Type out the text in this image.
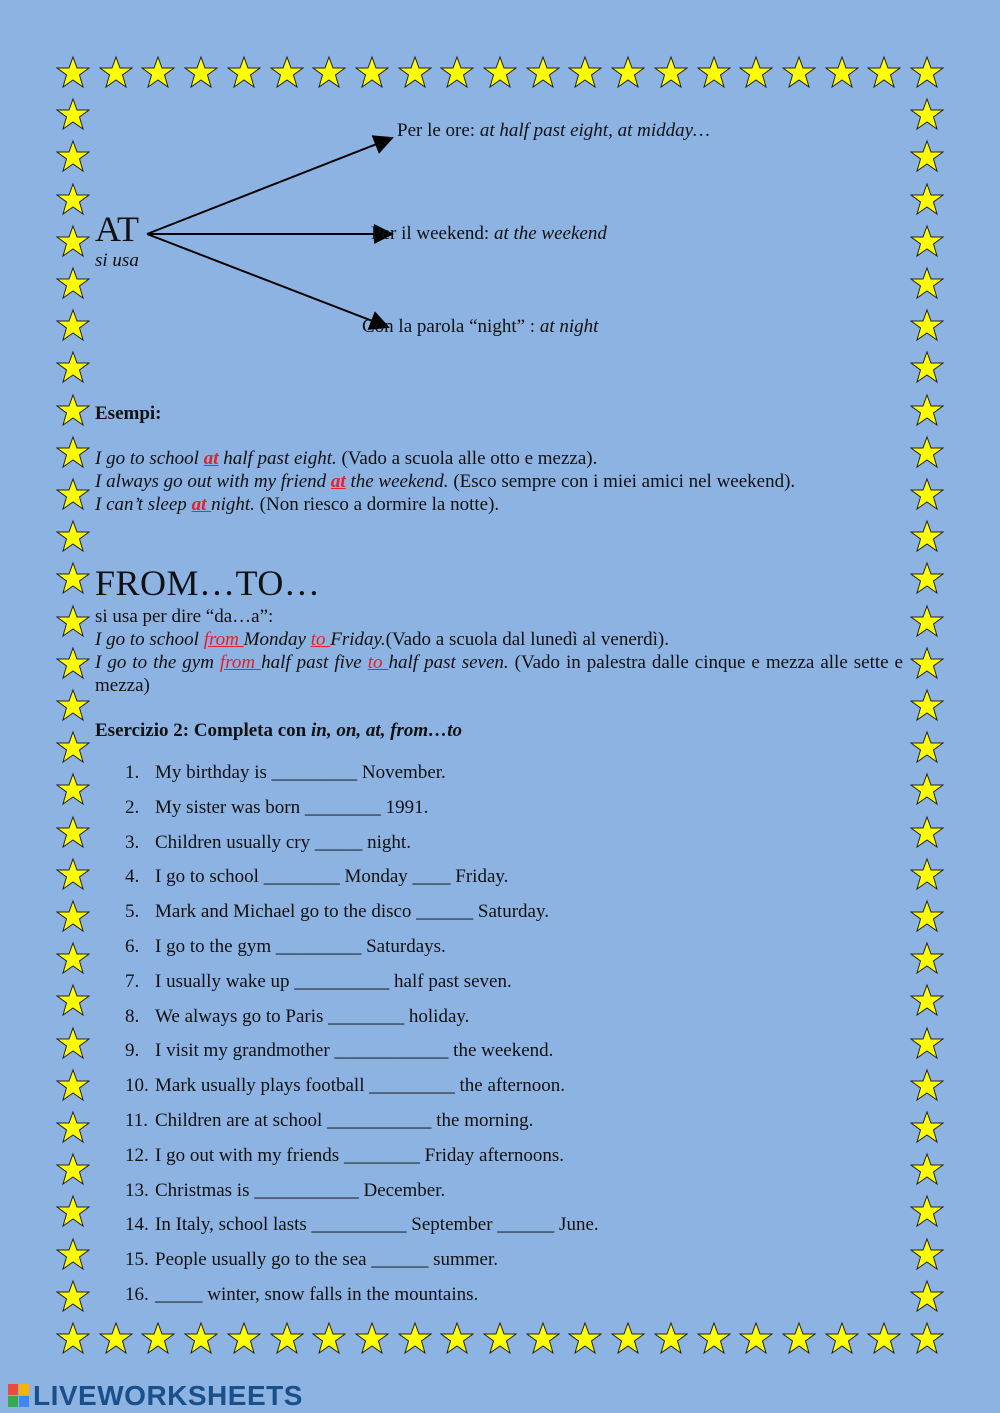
AT
si usa
Per le ore: at half past eight, at midday…
Per il weekend: at the weekend
Con la parola “night” : at night
Esempi:
I go to school at half past eight. (Vado a scuola alle otto e mezza).
I always go out with my friend at the weekend. (Esco sempre con i miei amici nel weekend).
I can’t sleep at night. (Non riesco a dormire la notte).
FROM…TO…
si usa per dire “da…a”:
I go to school from Monday to Friday.(Vado a scuola dal lunedì al venerdì).
I go to the gym from half past five to half past seven. (Vado in palestra dalle cinque e mezza alle sette e mezza)
Esercizio 2: Completa con in, on, at, from…to
1. My birthday is _________ November.
2. My sister was born ________ 1991.
3. Children usually cry _____ night.
4. I go to school ________ Monday ____ Friday.
5. Mark and Michael go to the disco ______ Saturday.
6. I go to the gym _________ Saturdays.
7. I usually wake up __________ half past seven.
8. We always go to Paris ________ holiday.
9. I visit my grandmother ____________ the weekend.
10. Mark usually plays football _________ the afternoon.
11. Children are at school ___________ the morning.
12. I go out with my friends ________ Friday afternoons.
13. Christmas is ___________ December.
14. In Italy, school lasts __________ September ______ June.
15. People usually go to the sea ______ summer.
16. _____ winter, snow falls in the mountains.
LIVEWORKSHEETS
